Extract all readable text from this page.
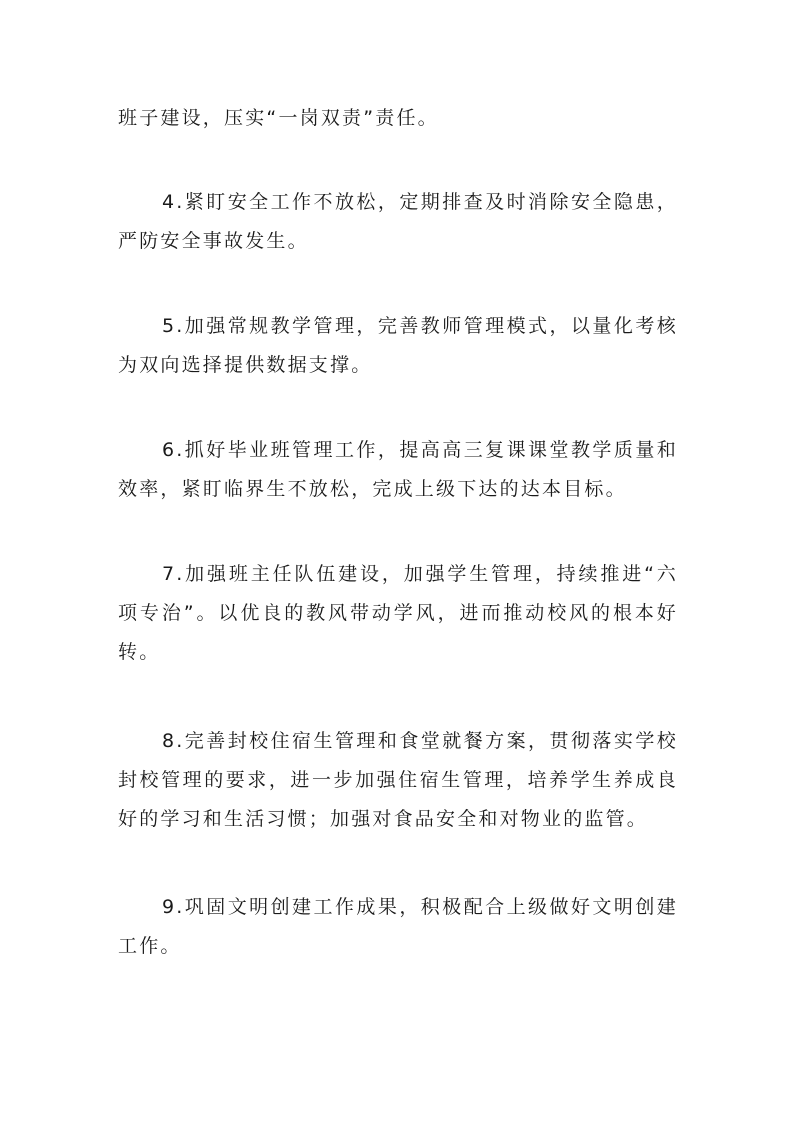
班子建设，压实“一岗双责”责任。

4.紧盯安全工作不放松，定期排查及时消除安全隐患，严防安全事故发生。

5.加强常规教学管理，完善教师管理模式，以量化考核为双向选择提供数据支撑。

6.抓好毕业班管理工作，提高高三复课课堂教学质量和效率，紧盯临界生不放松，完成上级下达的达本目标。

7.加强班主任队伍建设，加强学生管理，持续推进“六项专治”。以优良的教风带动学风，进而推动校风的根本好转。

8.完善封校住宿生管理和食堂就餐方案，贯彻落实学校封校管理的要求，进一步加强住宿生管理，培养学生养成良好的学习和生活习惯；加强对食品安全和对物业的监管。

9.巩固文明创建工作成果，积极配合上级做好文明创建工作。
